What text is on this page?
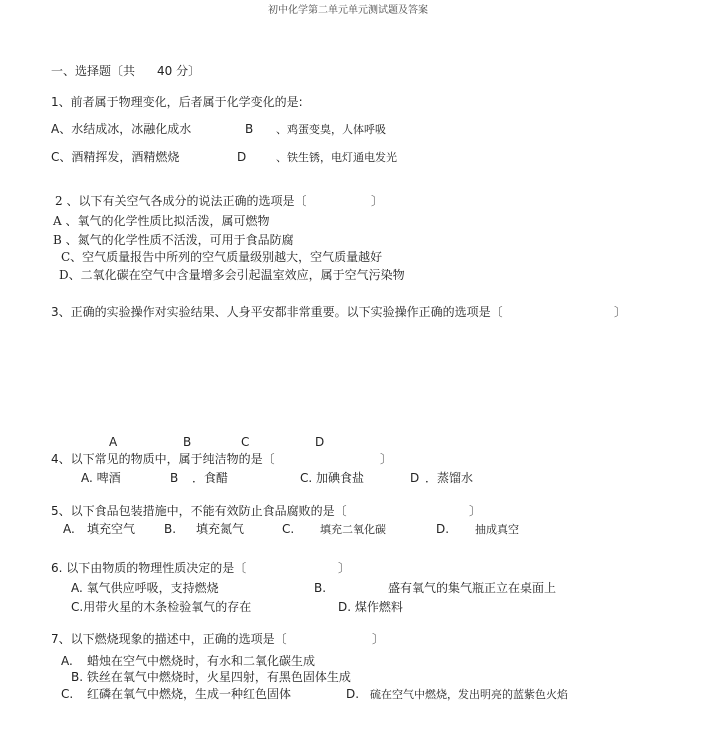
初中化学第二单元单元测试题及答案
一、选择题〔共 40 分〕
1、前者属于物理变化，后者属于化学变化的是:
A、水结成冰，冰融化成水	B 、鸡蛋变臭，人体呼吸
C、酒精挥发，酒精燃烧	D	、铁生锈，电灯通电发光
2 、以下有关空气各成分的说法正确的选项是〔	〕
A 、氧气的化学性质比拟活泼，属可燃物
B 、氮气的化学性质不活泼，可用于食品防腐
C、空气质量报告中所列的空气质量级别越大，空气质量越好
D、二氧化碳在空气中含量增多会引起温室效应，属于空气污染物
3、正确的实验操作对实验结果、人身平安都非常重要。以下实验操作正确的选项是〔	〕
A	B	C	D
4、以下常见的物质中，属于纯洁物的是〔	〕
A. 啤酒	B ．食醋	C. 加碘食盐	D ．蒸馏水
5、以下食品包装措施中，不能有效防止食品腐败的是〔	〕
A. 填充空气 B. 填充氮气	C. 填充二氧化碳	D. 抽成真空
6. 以下由物质的物理性质决定的是〔	〕
A. 氧气供应呼吸，支持燃烧	B.	盛有氧气的集气瓶正立在桌面上
C.用带火星的木条检验氧气的存在	D. 煤作燃料
7、以下燃烧现象的描述中，正确的选项是〔	〕
A. 蜡烛在空气中燃烧时，有水和二氧化碳生成
B. 铁丝在氧气中燃烧时，火星四射，有黑色固体生成
C. 红磷在氧气中燃烧，生成一种红色固体	D. 硫在空气中燃烧，发出明亮的蓝紫色火焰
